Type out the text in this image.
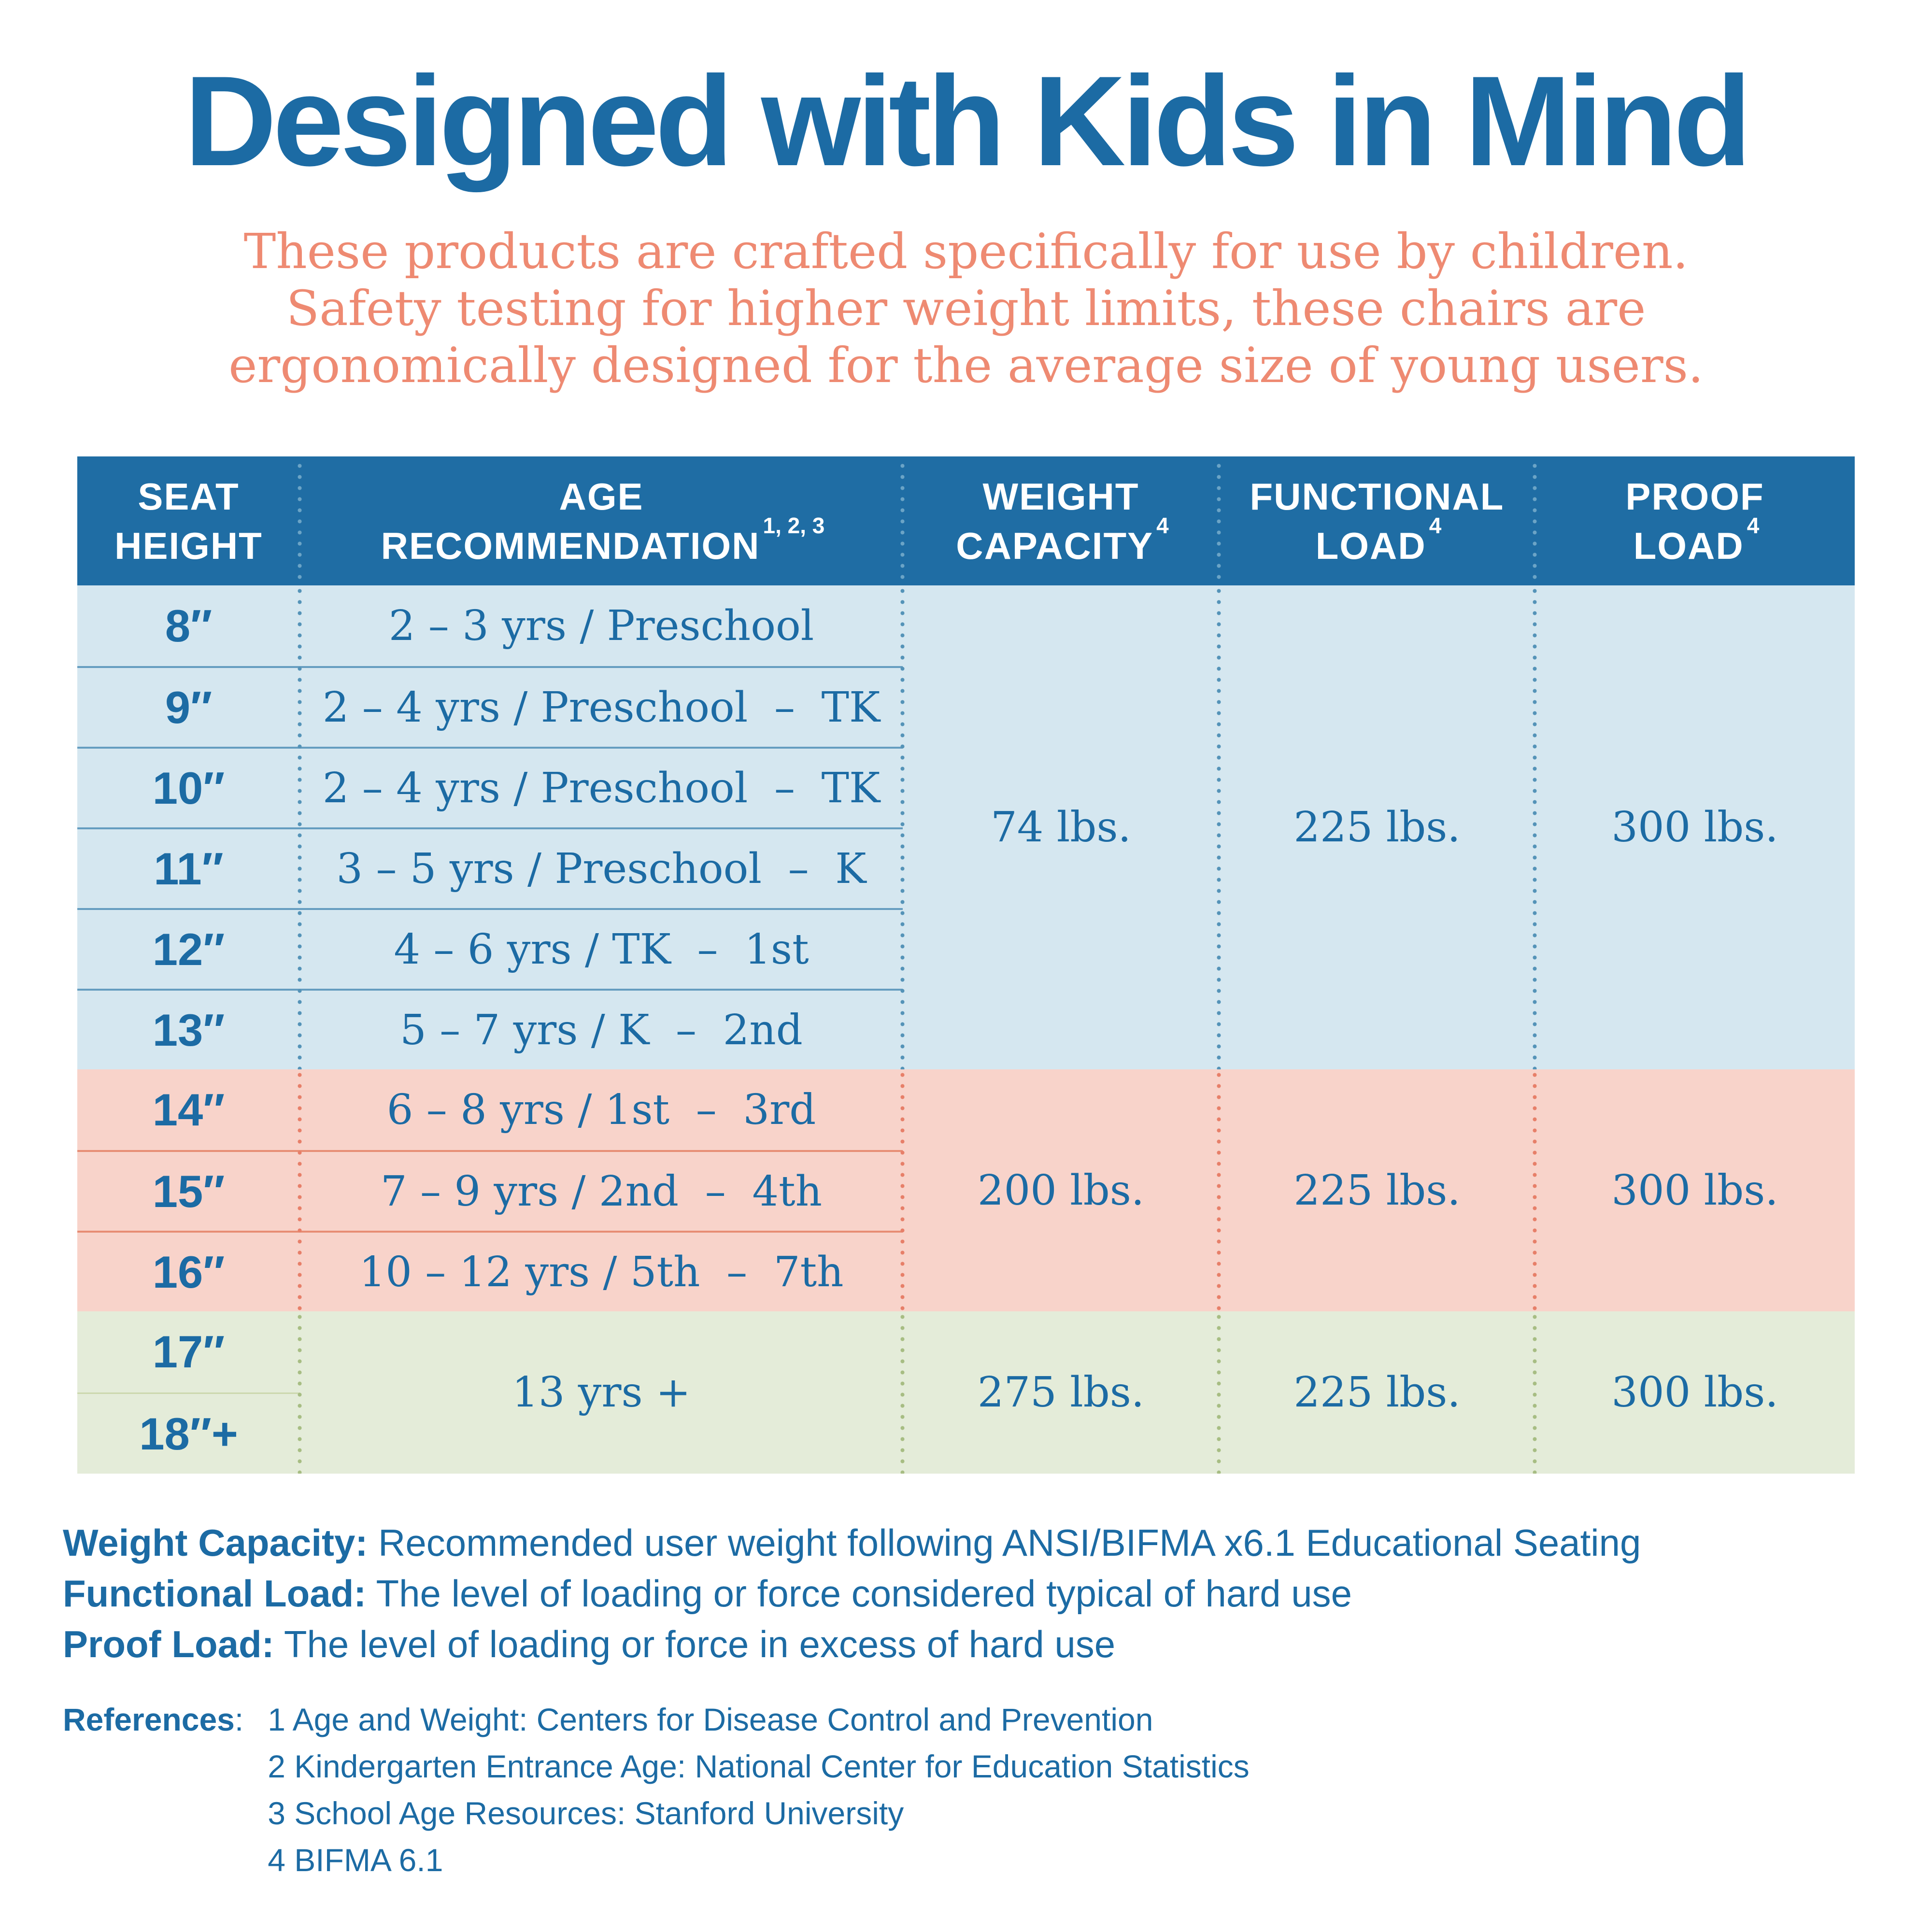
Designed with Kids in Mind
These products are crafted specifically for use by children.
Safety testing for higher weight limits, these chairs are
ergonomically designed for the average size of young users.
SEAT
HEIGHT
AGE
RECOMMENDATION $^{1, 2, 3}$
WEIGHT
CAPACITY $^4$
FUNCTIONAL
LOAD $^4$
PROOF
LOAD $^4$
8″
9″
10″
11″
12″
13″
14″
15″
16″
17″
18″+
2 – 3 yrs / Preschool
2 – 4 yrs / Preschool  –  TK
2 – 4 yrs / Preschool  –  TK
3 – 5 yrs / Preschool  –  K
4 – 6 yrs / TK  –  1st
5 – 7 yrs / K  –  2nd
6 – 8 yrs / 1st  –  3rd
7 – 9 yrs / 2nd  –  4th
10 – 12 yrs / 5th  –  7th
13 yrs +
74 lbs.
200 lbs.
275 lbs.
225 lbs.
225 lbs.
225 lbs.
300 lbs.
300 lbs.
300 lbs.
Weight Capacity: Recommended user weight following ANSI/BIFMA x6.1 Educational Seating
Functional Load: The level of loading or force considered typical of hard use
Proof Load: The level of loading or force in excess of hard use
References: 1 Age and Weight: Centers for Disease Control and Prevention
2 Kindergarten Entrance Age: National Center for Education Statistics
3 School Age Resources: Stanford University
4 BIFMA 6.1
